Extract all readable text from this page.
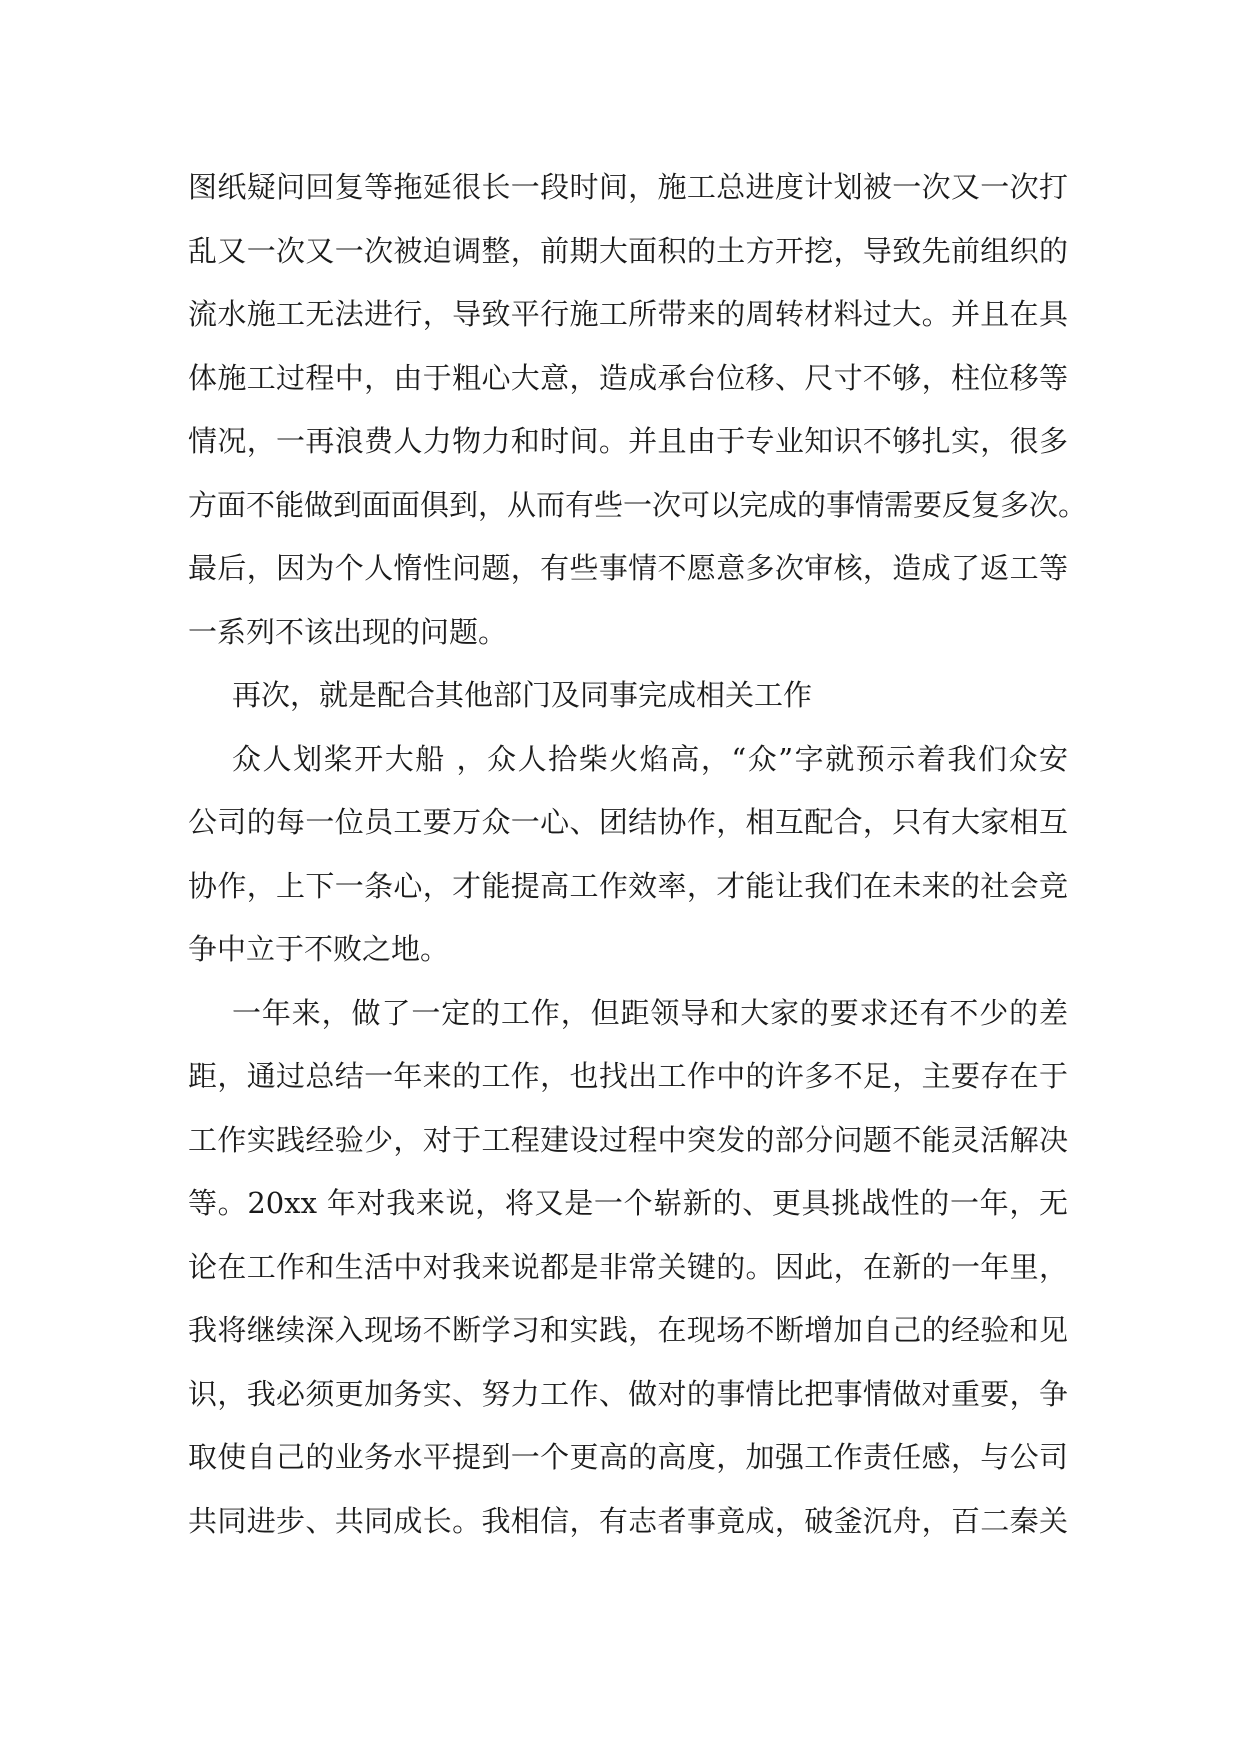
图纸疑问回复等拖延很长一段时间，施工总进度计划被一次又一次打
乱又一次又一次被迫调整，前期大面积的土方开挖，导致先前组织的
流水施工无法进行，导致平行施工所带来的周转材料过大。并且在具
体施工过程中，由于粗心大意，造成承台位移、尺寸不够，柱位移等
情况，一再浪费人力物力和时间。并且由于专业知识不够扎实，很多
方面不能做到面面俱到，从而有些一次可以完成的事情需要反复多次。
最后，因为个人惰性问题，有些事情不愿意多次审核，造成了返工等
一系列不该出现的问题。
再次，就是配合其他部门及同事完成相关工作
众人划桨开大船 ，众人拾柴火焰高，“众”字就预示着我们众安
公司的每一位员工要万众一心、团结协作，相互配合，只有大家相互
协作，上下一条心，才能提高工作效率，才能让我们在未来的社会竞
争中立于不败之地。
一年来，做了一定的工作，但距领导和大家的要求还有不少的差
距，通过总结一年来的工作，也找出工作中的许多不足，主要存在于
工作实践经验少，对于工程建设过程中突发的部分问题不能灵活解决
等。20xx 年对我来说，将又是一个崭新的、更具挑战性的一年，无
论在工作和生活中对我来说都是非常关键的。因此，在新的一年里，
我将继续深入现场不断学习和实践，在现场不断增加自己的经验和见
识，我必须更加务实、努力工作、做对的事情比把事情做对重要，争
取使自己的业务水平提到一个更高的高度，加强工作责任感，与公司
共同进步、共同成长。我相信，有志者事竟成，破釜沉舟，百二秦关
